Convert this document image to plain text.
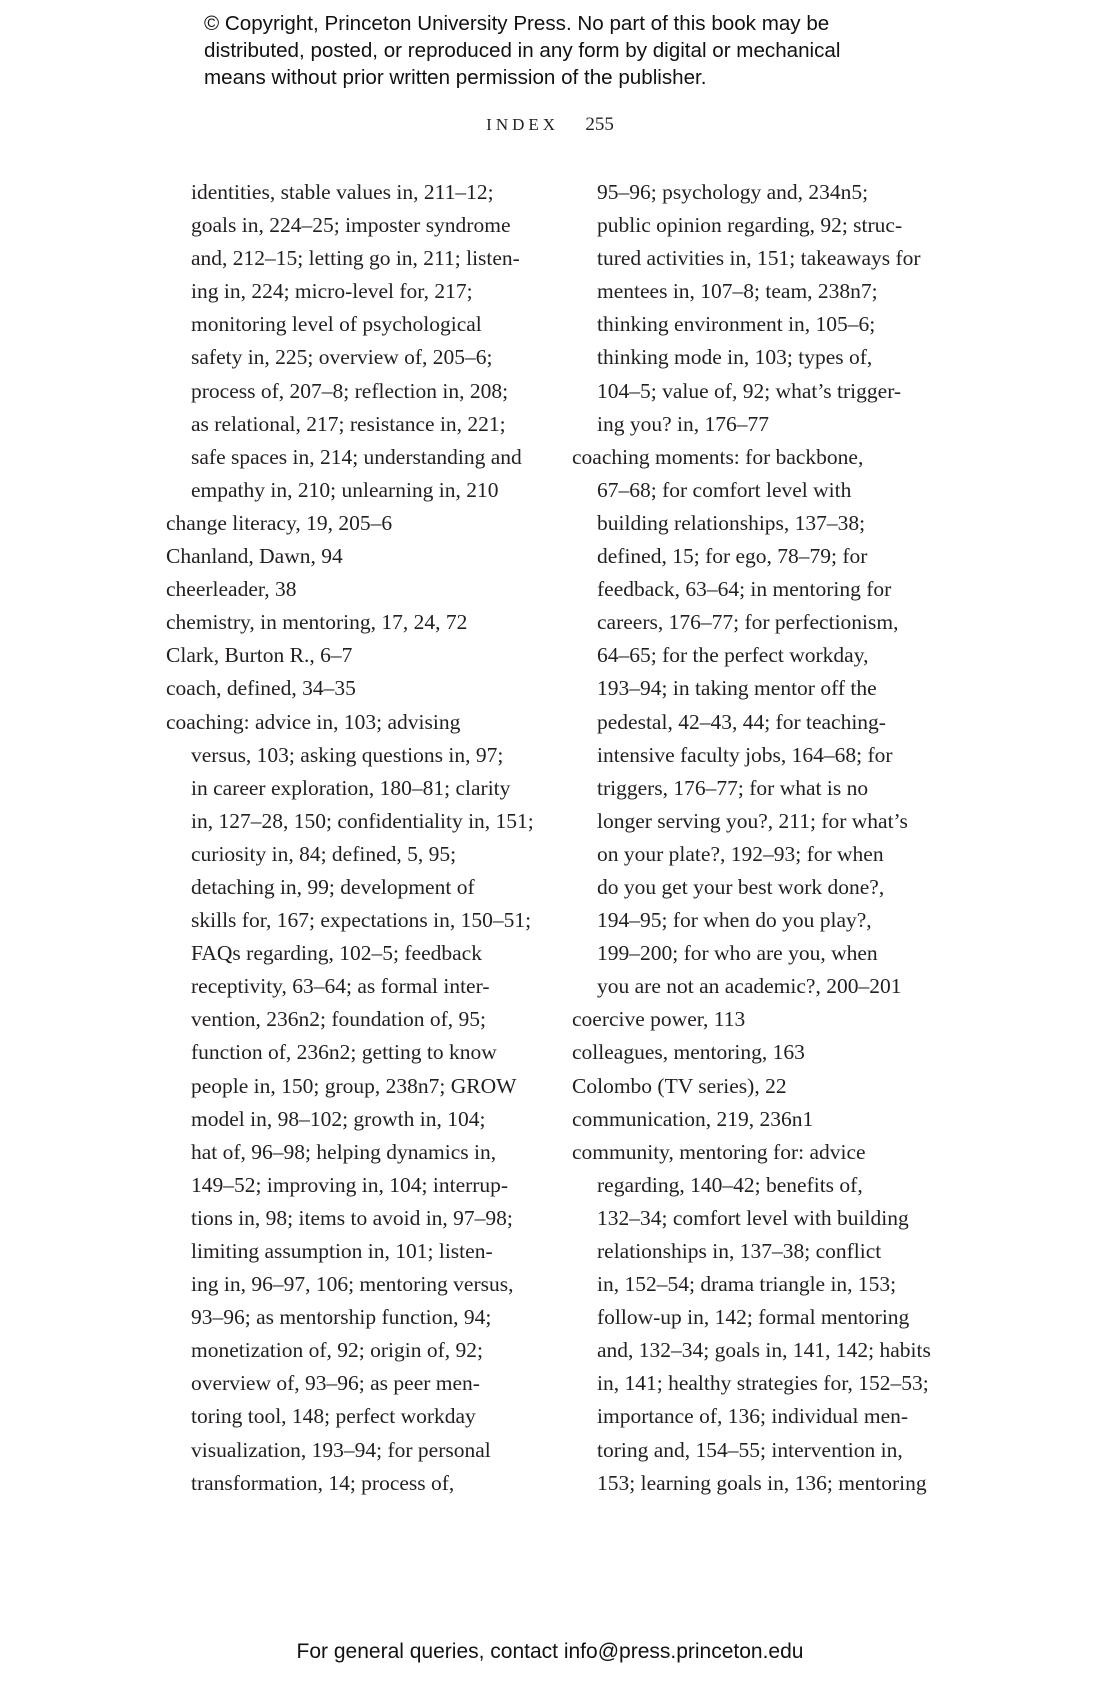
© Copyright, Princeton University Press. No part of this book may be
distributed, posted, or reproduced in any form by digital or mechanical
means without prior written permission of the publisher.
INDEX 255
identities, stable values in, 211–12;
goals in, 224–25; imposter syndrome
and, 212–15; letting go in, 211; listen-
ing in, 224; micro-level for, 217;
monitoring level of psychological
safety in, 225; overview of, 205–6;
process of, 207–8; reflection in, 208;
as relational, 217; resistance in, 221;
safe spaces in, 214; understanding and
empathy in, 210; unlearning in, 210
change literacy, 19, 205–6
Chanland, Dawn, 94
cheerleader, 38
chemistry, in mentoring, 17, 24, 72
Clark, Burton R., 6–7
coach, defined, 34–35
coaching: advice in, 103; advising
versus, 103; asking questions in, 97;
in career exploration, 180–81; clarity
in, 127–28, 150; confidentiality in, 151;
curiosity in, 84; defined, 5, 95;
detaching in, 99; development of
skills for, 167; expectations in, 150–51;
FAQs regarding, 102–5; feedback
receptivity, 63–64; as formal inter-
vention, 236n2; foundation of, 95;
function of, 236n2; getting to know
people in, 150; group, 238n7; GROW
model in, 98–102; growth in, 104;
hat of, 96–98; helping dynamics in,
149–52; improving in, 104; interrup-
tions in, 98; items to avoid in, 97–98;
limiting assumption in, 101; listen-
ing in, 96–97, 106; mentoring versus,
93–96; as mentorship function, 94;
monetization of, 92; origin of, 92;
overview of, 93–96; as peer men-
toring tool, 148; perfect workday
visualization, 193–94; for personal
transformation, 14; process of,
95–96; psychology and, 234n5;
public opinion regarding, 92; struc-
tured activities in, 151; takeaways for
mentees in, 107–8; team, 238n7;
thinking environment in, 105–6;
thinking mode in, 103; types of,
104–5; value of, 92; what’s trigger-
ing you? in, 176–77
coaching moments: for backbone,
67–68; for comfort level with
building relationships, 137–38;
defined, 15; for ego, 78–79; for
feedback, 63–64; in mentoring for
careers, 176–77; for perfectionism,
64–65; for the perfect workday,
193–94; in taking mentor off the
pedestal, 42–43, 44; for teaching-
intensive faculty jobs, 164–68; for
triggers, 176–77; for what is no
longer serving you?, 211; for what’s
on your plate?, 192–93; for when
do you get your best work done?,
194–95; for when do you play?,
199–200; for who are you, when
you are not an academic?, 200–201
coercive power, 113
colleagues, mentoring, 163
Colombo (TV series), 22
communication, 219, 236n1
community, mentoring for: advice
regarding, 140–42; benefits of,
132–34; comfort level with building
relationships in, 137–38; conflict
in, 152–54; drama triangle in, 153;
follow-up in, 142; formal mentoring
and, 132–34; goals in, 141, 142; habits
in, 141; healthy strategies for, 152–53;
importance of, 136; individual men-
toring and, 154–55; intervention in,
153; learning goals in, 136; mentoring
For general queries, contact info@press.princeton.edu
